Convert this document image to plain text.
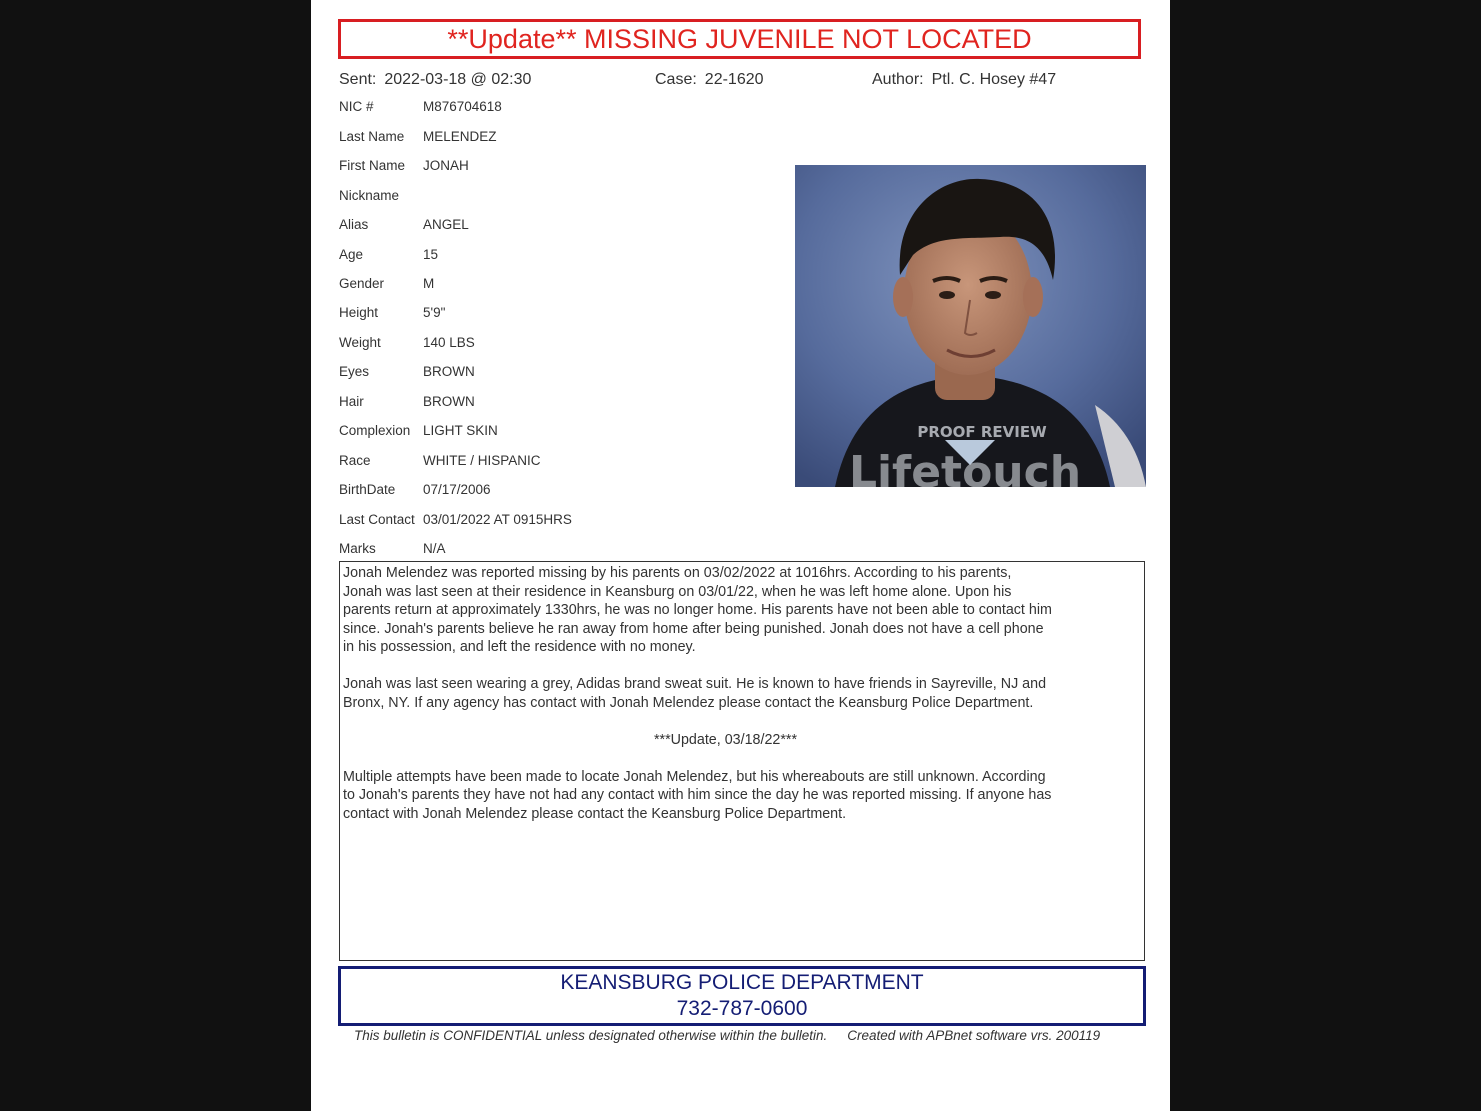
**Update** MISSING JUVENILE NOT LOCATED
Sent: 2022-03-18 @ 02:30	Case: 22-1620	Author: Ptl. C. Hosey #47
NIC #	M876704618
Last Name MELENDEZ
First Name JONAH
Nickname
Alias	ANGEL
Age	15
Gender	M
Height	5'9"
Weight	140 LBS
Eyes	BROWN
Hair	BROWN
Complexion LIGHT SKIN
Race	WHITE / HISPANIC
BirthDate 07/17/2006
Last Contact 03/01/2022 AT 0915HRS
Marks	N/A
PROOF REVIEW
Lifetouch

Jonah Melendez was reported missing by his parents on 03/02/2022 at 1016hrs. According to his parents,

Jonah was last seen at their residence in Keansburg on 03/01/22, when he was left home alone. Upon his

parents return at approximately 1330hrs, he was no longer home. His parents have not been able to contact him

since. Jonah's parents believe he ran away from home after being punished. Jonah does not have a cell phone

in his possession, and left the residence with no money.

Jonah was last seen wearing a grey, Adidas brand sweat suit. He is known to have friends in Sayreville, NJ and

Bronx, NY. If any agency has contact with Jonah Melendez please contact the Keansburg Police Department.

***Update, 03/18/22***

Multiple attempts have been made to locate Jonah Melendez, but his whereabouts are still unknown. According

to Jonah's parents they have not had any contact with him since the day he was reported missing. If anyone has

contact with Jonah Melendez please contact the Keansburg Police Department.

KEANSBURG POLICE DEPARTMENT
732-787-0600
This bulletin is CONFIDENTIAL unless designated otherwise within the bulletin. Created with APBnet software vrs. 200119
